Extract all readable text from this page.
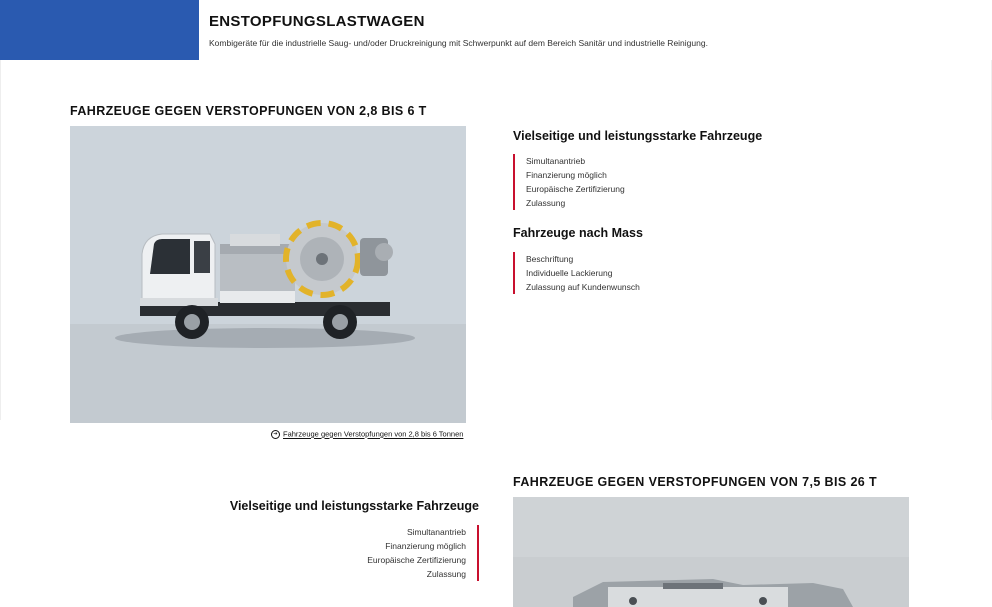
ENSTOPFUNGSLASTWAGEN
Kombigeräte für die industrielle Saug- und/oder Druckreinigung mit Schwerpunkt auf dem Bereich Sanitär und industrielle Reinigung.
FAHRZEUGE GEGEN VERSTOPFUNGEN VON 2,8 BIS 6 T
➔ Fahrzeuge gegen Verstopfungen von 2,8 bis 6 Tonnen
Vielseitige und leistungsstarke Fahrzeuge
Simultanantrieb
Finanzierung möglich
Europäische Zertifizierung
Zulassung
Fahrzeuge nach Mass
Beschriftung
Individuelle Lackierung
Zulassung auf Kundenwunsch
FAHRZEUGE GEGEN VERSTOPFUNGEN VON 7,5 BIS 26 T
Vielseitige und leistungsstarke Fahrzeuge
Simultanantrieb
Finanzierung möglich
Europäische Zertifizierung
Zulassung
